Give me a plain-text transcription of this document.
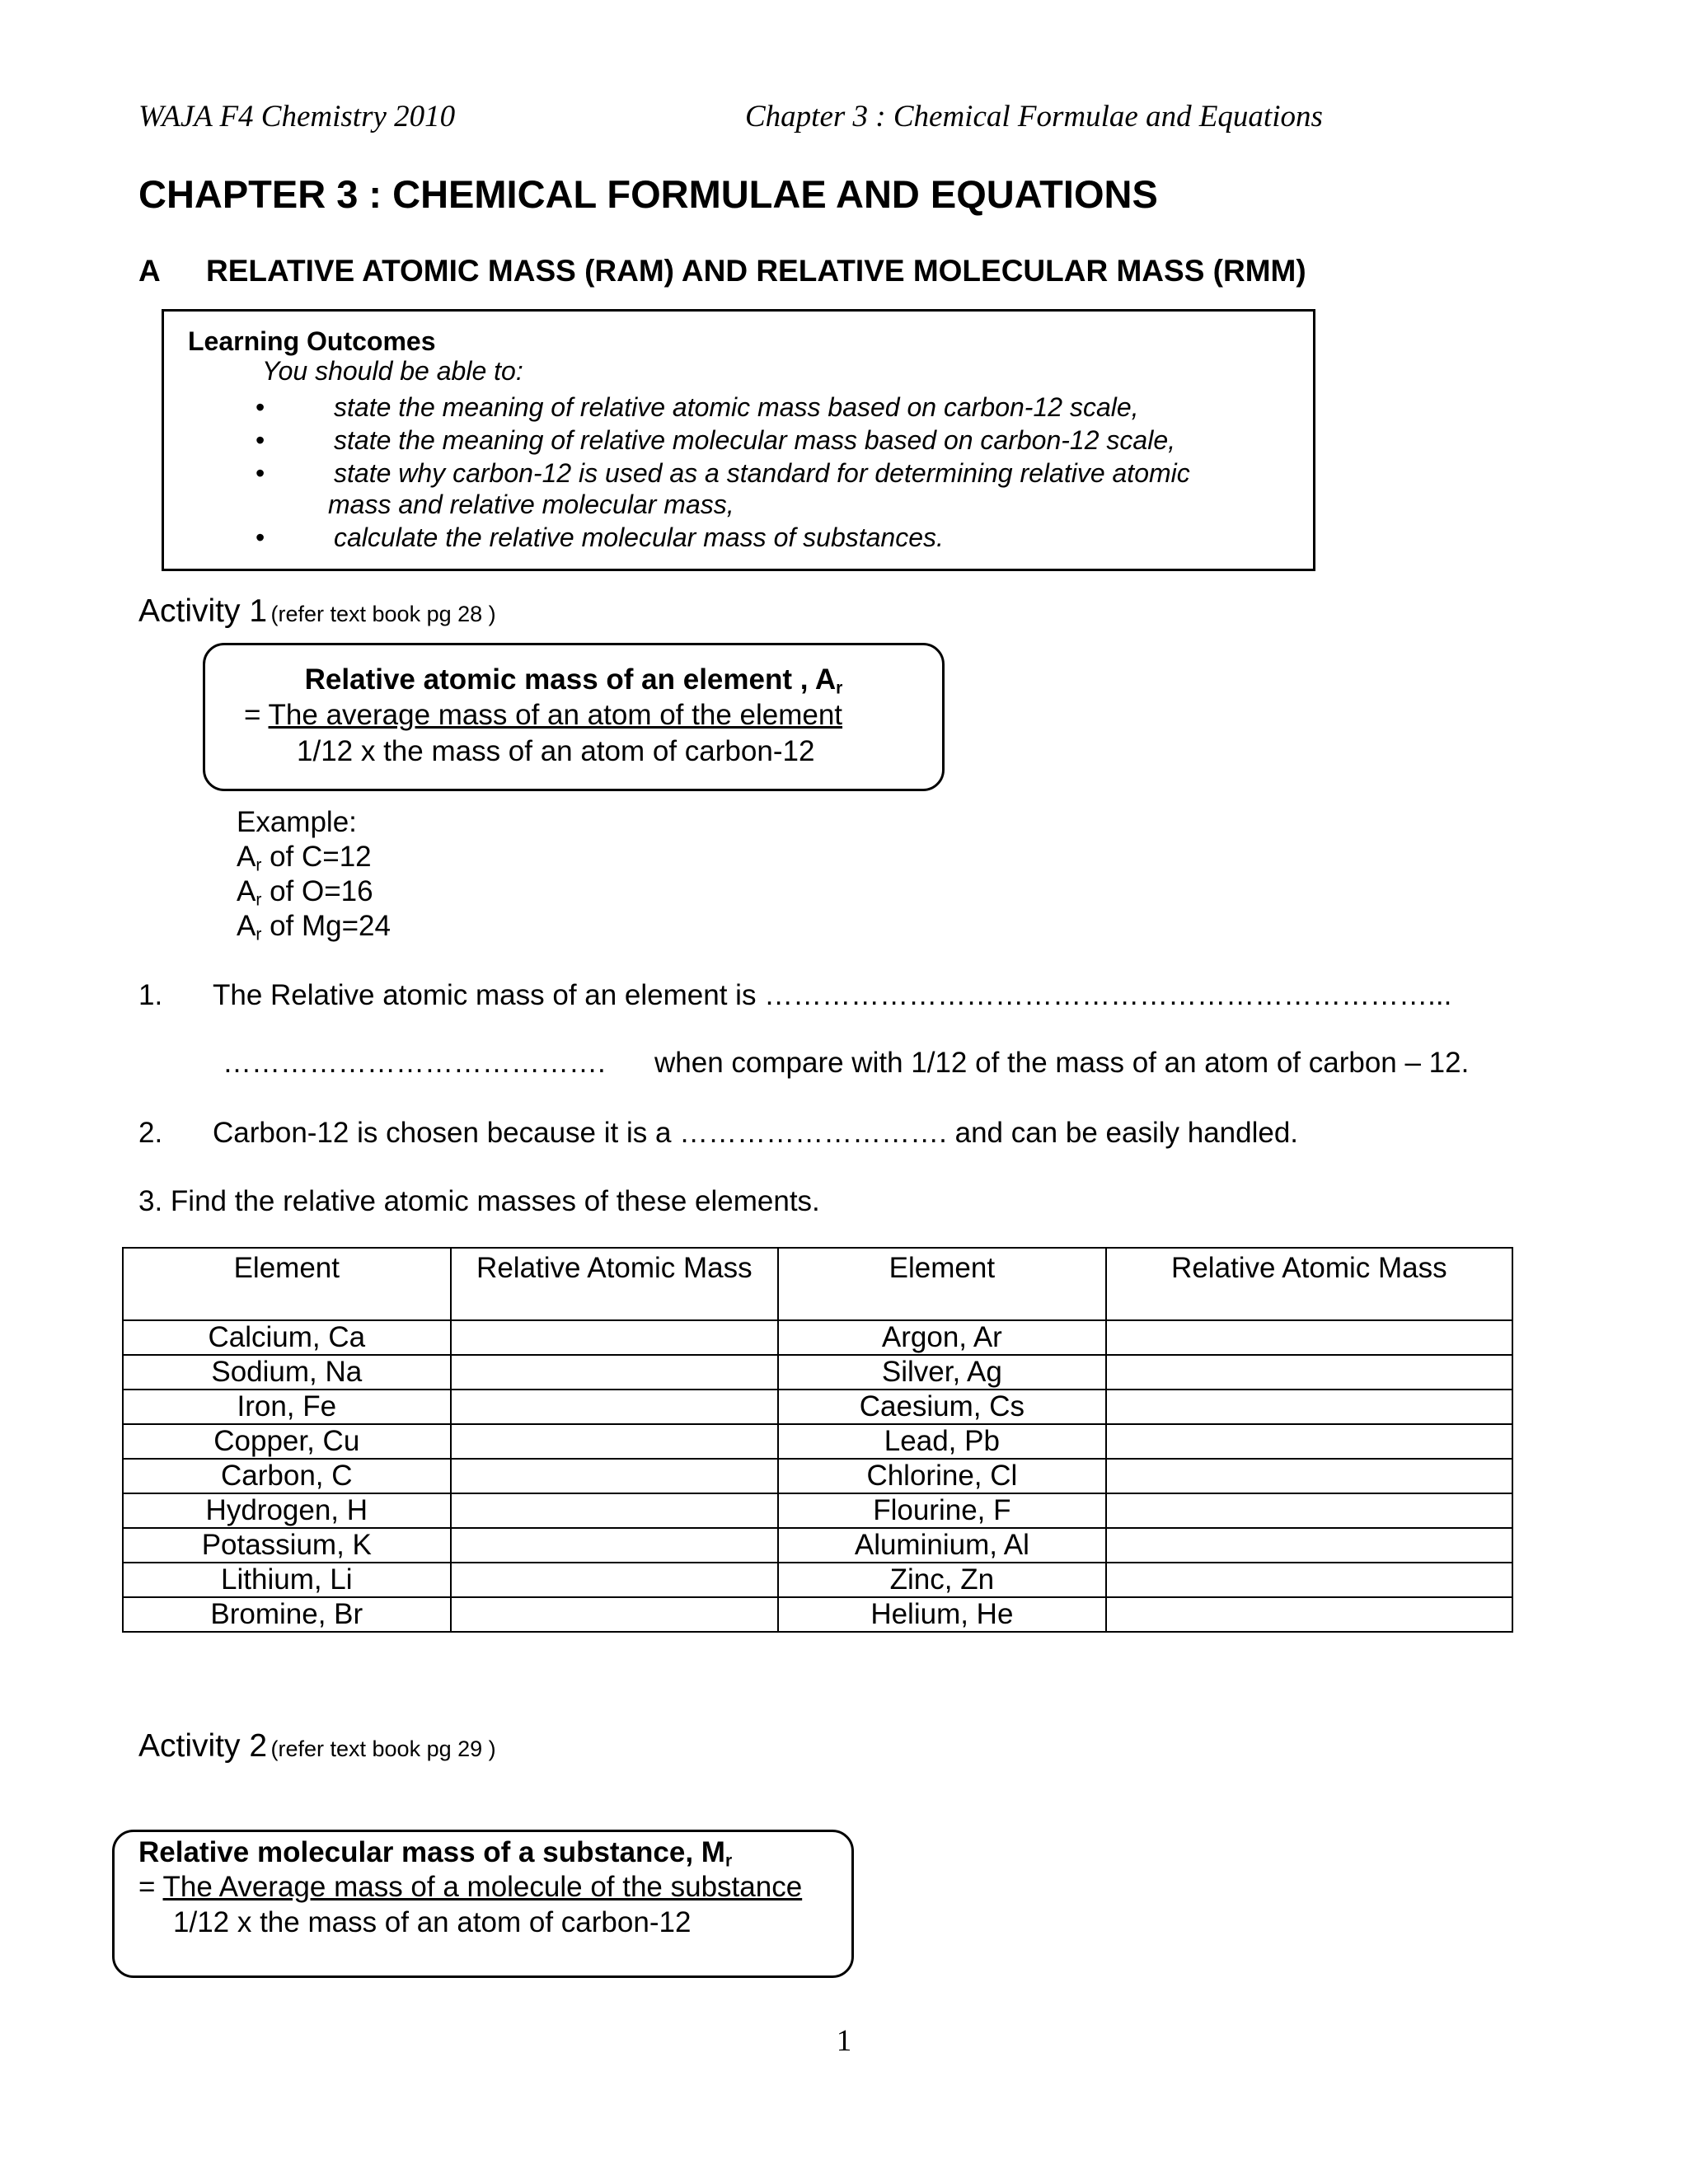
WAJA F4 Chemistry 2010	Chapter 3 : Chemical Formulae and Equations
CHAPTER 3 : CHEMICAL FORMULAE AND EQUATIONS
A RELATIVE ATOMIC MASS (RAM) AND RELATIVE MOLECULAR MASS (RMM)
Learning Outcomes
You should be able to:
•	state the meaning of relative atomic mass based on carbon-12 scale,
•	state the meaning of relative molecular mass based on carbon-12 scale,
•	state why carbon-12 is used as a standard for determining relative atomic
mass and relative molecular mass,
•	calculate the relative molecular mass of substances.
Activity 1 (refer text book pg 28 )
Relative atomic mass of an element , $A_r$
= The average mass of an atom of the element
1/12 x the mass of an atom of carbon-12
Example:
$A_r$ of C=12
$A_r$ of O=16
$A_r$ of Mg=24
1. The Relative atomic mass of an element is ……………………………………………………………...
…………………………………. when compare with 1/12 of the mass of an atom of carbon – 12.
2. Carbon-12 is chosen because it is a ………………………. and can be easily handled.
3. Find the relative atomic masses of these elements.
Element	Relative Atomic Mass	Element	Relative Atomic Mass
Calcium, Ca		Argon, Ar	
Sodium, Na		Silver, Ag	
Iron, Fe		Caesium, Cs	
Copper, Cu		Lead, Pb	
Carbon, C		Chlorine, Cl	
Hydrogen, H		Flourine, F	
Potassium, K		Aluminium, Al	
Lithium, Li		Zinc, Zn	
Bromine, Br		Helium, He	
Activity 2 (refer text book pg 29 )
Relative molecular mass of a substance, $M_r$
= The Average mass of a molecule of the substance
1/12 x the mass of an atom of carbon-12
1
